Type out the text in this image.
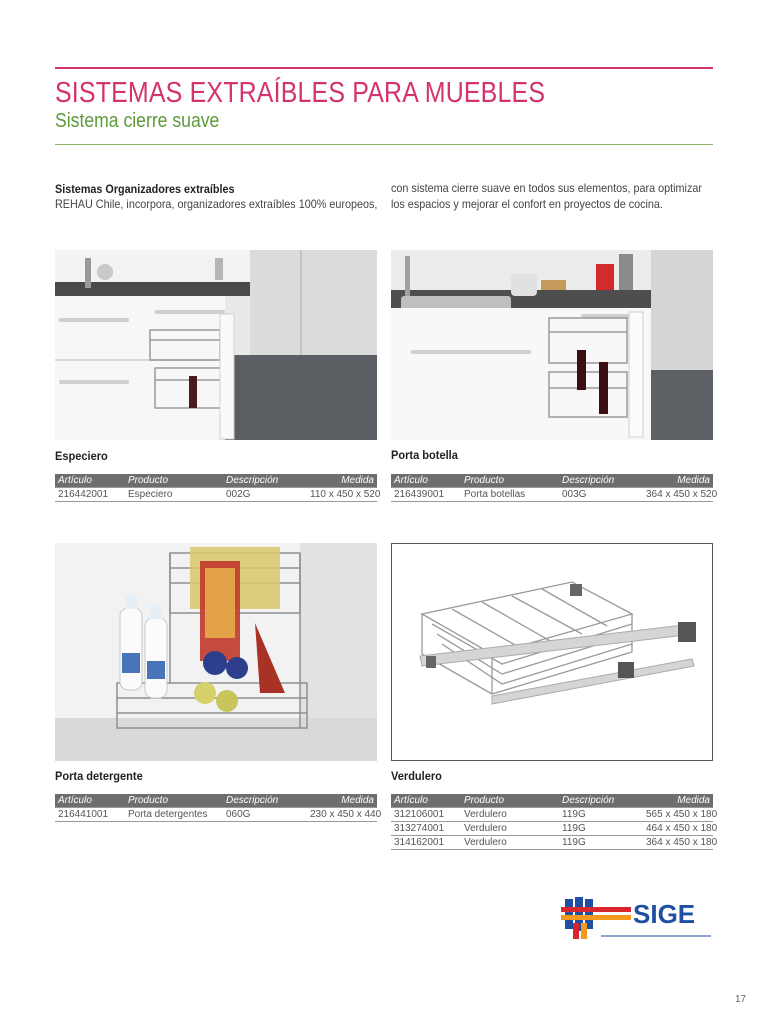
SISTEMAS EXTRAÍBLES PARA MUEBLES
Sistema cierre suave
Sistemas Organizadores extraíbles
REHAU Chile, incorpora, organizadores extraíbles 100% europeos,
con sistema cierre suave en todos sus elementos, para optimizar los espacios y mejorar el confort en proyectos de cocina.
Especiero
Artículo	Producto	Descripción	Medida
216442001	Especiero	002G	110 x 450 x 520
Porta botella
Artículo	Producto	Descripción	Medida
216439001	Porta botellas	003G	364 x 450 x 520
Porta detergente
Artículo	Producto	Descripción	Medida
216441001	Porta detergentes	060G	230 x 450 x 440
Verdulero
Artículo	Producto	Descripción	Medida
312106001	Verdulero	119G	565 x 450 x 180
313274001	Verdulero	119G	464 x 450 x 180
314162001	Verdulero	119G	364 x 450 x 180
SIGE
17
